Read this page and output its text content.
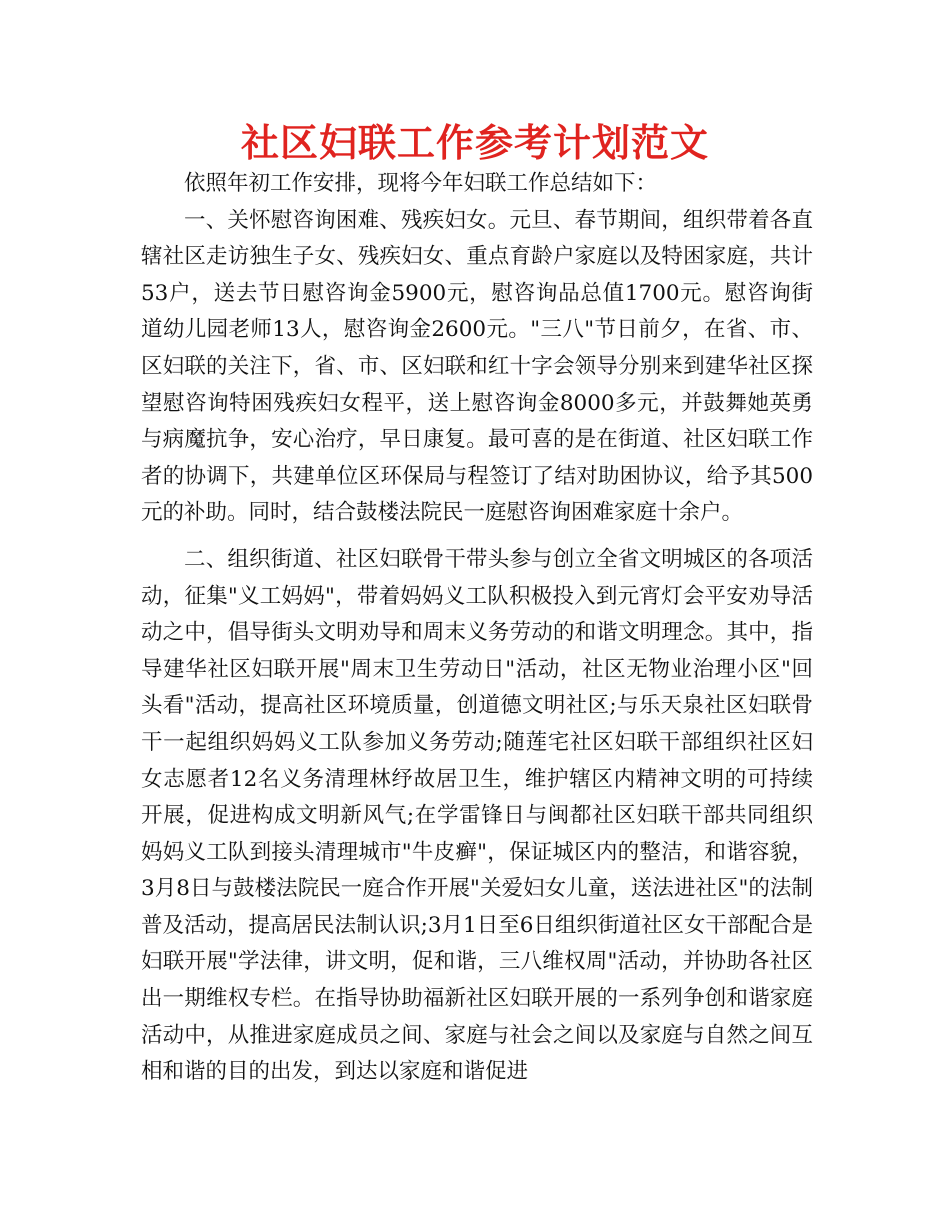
社区妇联工作参考计划范文

依照年初工作安排，现将今年妇联工作总结如下：

一、关怀慰咨询困难、残疾妇女。元旦、春节期间，组织带着各直辖社区走访独生子女、残疾妇女、重点育龄户家庭以及特困家庭，共计53户，送去节日慰咨询金5900元，慰咨询品总值1700元。慰咨询街道幼儿园老师13人，慰咨询金2600元。"三八"节日前夕，在省、市、区妇联的关注下，省、市、区妇联和红十字会领导分别来到建华社区探望慰咨询特困残疾妇女程平，送上慰咨询金8000多元，并鼓舞她英勇与病魔抗争，安心治疗，早日康复。最可喜的是在街道、社区妇联工作者的协调下，共建单位区环保局与程签订了结对助困协议，给予其500元的补助。同时，结合鼓楼法院民一庭慰咨询困难家庭十余户。

二、组织街道、社区妇联骨干带头参与创立全省文明城区的各项活动，征集"义工妈妈"，带着妈妈义工队积极投入到元宵灯会平安劝导活动之中，倡导街头文明劝导和周末义务劳动的和谐文明理念。其中，指导建华社区妇联开展"周末卫生劳动日"活动，社区无物业治理小区"回头看"活动，提高社区环境质量，创道德文明社区;与乐天泉社区妇联骨干一起组织妈妈义工队参加义务劳动;随莲宅社区妇联干部组织社区妇女志愿者12名义务清理林纾故居卫生，维护辖区内精神文明的可持续开展，促进构成文明新风气;在学雷锋日与闽都社区妇联干部共同组织妈妈义工队到接头清理城市"牛皮癣"，保证城区内的整洁，和谐容貌，3月8日与鼓楼法院民一庭合作开展"关爱妇女儿童，送法进社区"的法制普及活动，提高居民法制认识;3月1日至6日组织街道社区女干部配合是妇联开展"学法律，讲文明，促和谐，三八维权周"活动，并协助各社区出一期维权专栏。在指导协助福新社区妇联开展的一系列争创和谐家庭活动中，从推进家庭成员之间、家庭与社会之间以及家庭与自然之间互相和谐的目的出发，到达以家庭和谐促进
